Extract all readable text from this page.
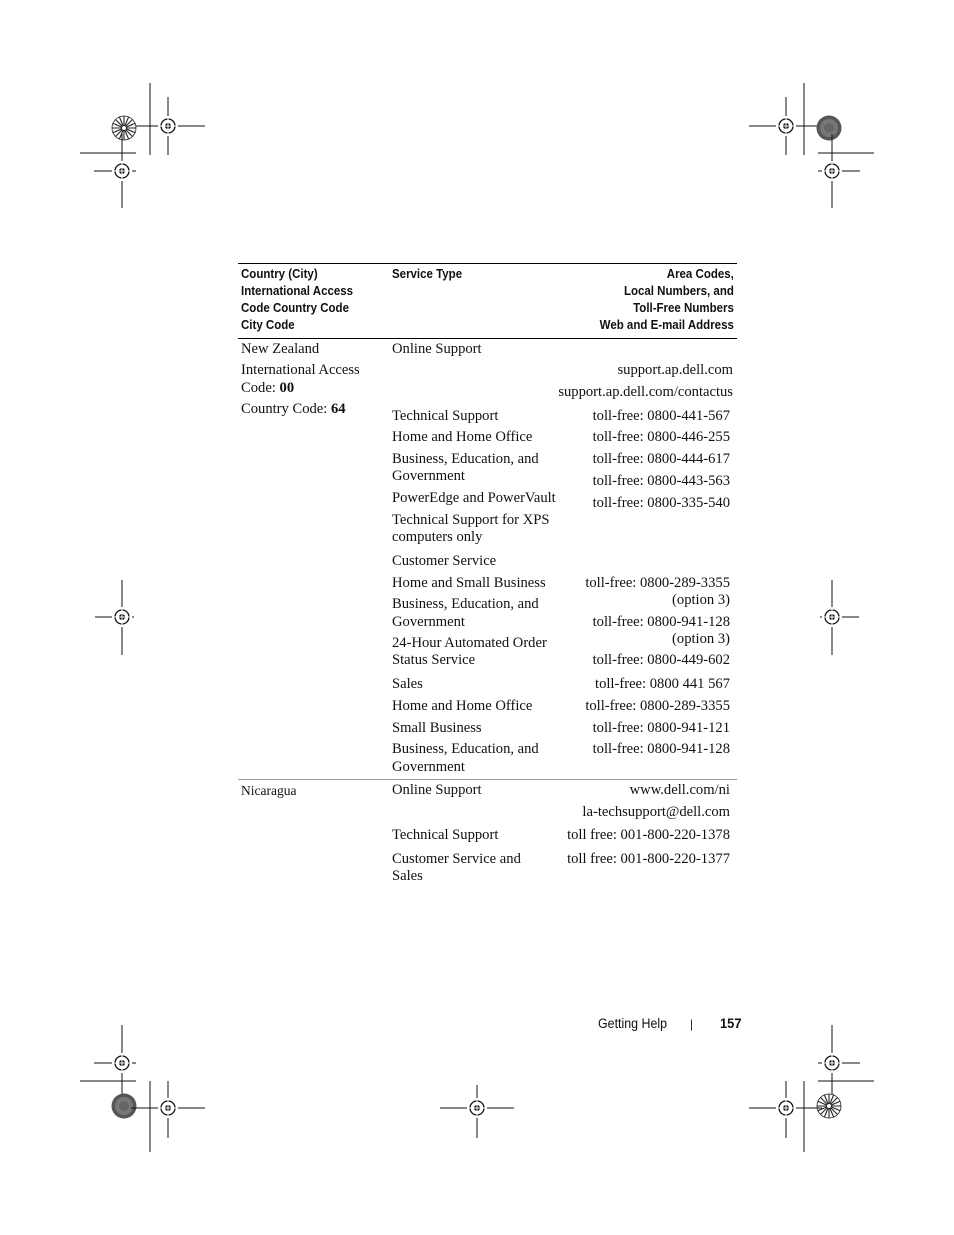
Country (City)
International Access
Code Country Code
City Code
Service Type	Area Codes,
Local Numbers, and
Toll-Free Numbers
Web and E-mail Address
New Zealand
International Access
Code: 00
Country Code: 64
Online Support
Technical Support
Home and Home Office
Business, Education, and
Government
PowerEdge and PowerVault
Technical Support for XPS
computers only
Customer Service
Home and Small Business
Business, Education, and
Government
24-Hour Automated Order
Status Service
Sales
Home and Home Office
Small Business
Business, Education, and
Government
support.ap.dell.com
support.ap.dell.com/contactus
toll-free: 0800-441-567
toll-free: 0800-446-255
toll-free: 0800-444-617
toll-free: 0800-443-563
toll-free: 0800-335-540
toll-free: 0800-289-3355
(option 3)
toll-free: 0800-941-128
(option 3)
toll-free: 0800-449-602
toll-free: 0800 441 567
toll-free: 0800-289-3355
toll-free: 0800-941-121
toll-free: 0800-941-128
Nicaragua	Online Support
Technical Support
Customer Service and
Sales
www.dell.com/ni
la-techsupport@dell.com
toll free: 001-800-220-1378
toll free: 001-800-220-1377
Getting Help | 157
